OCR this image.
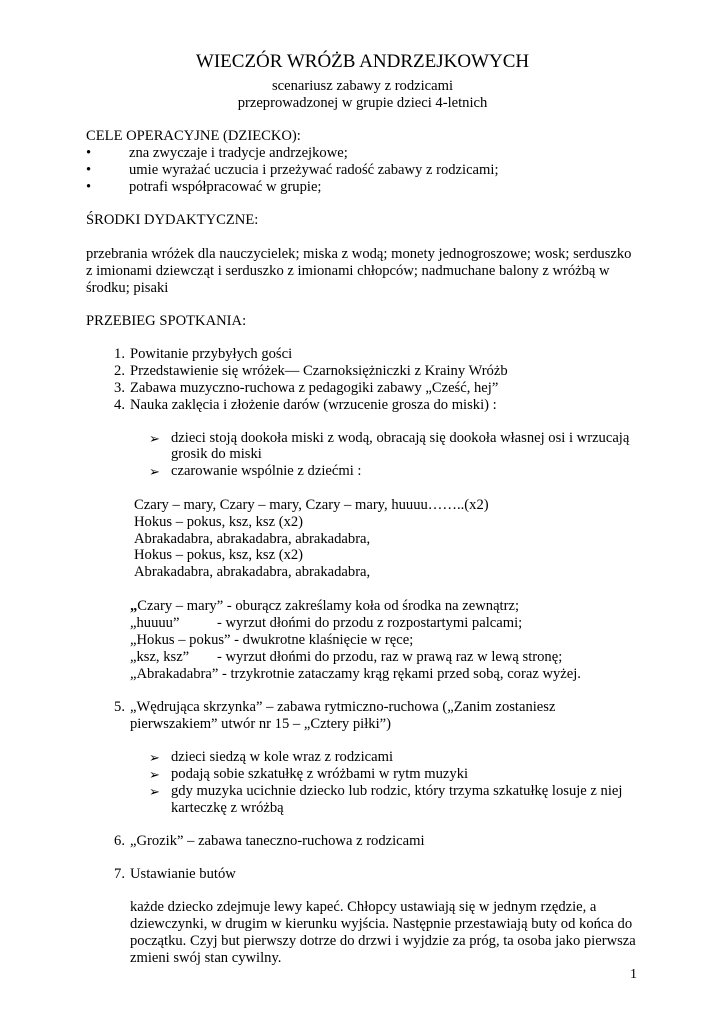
WIECZÓR WRÓŻB ANDRZEJKOWYCH
scenariusz zabawy z rodzicami
przeprowadzonej w grupie dzieci 4-letnich
CELE OPERACYJNE (DZIECKO):
•	zna zwyczaje i tradycje andrzejkowe;
•	umie wyrażać uczucia i przeżywać radość zabawy z rodzicami;
•	potrafi współpracować w grupie;
ŚRODKI DYDAKTYCZNE:
przebrania wróżek dla nauczycielek; miska z wodą; monety jednogroszowe; wosk; serduszko
z imionami dziewcząt i serduszko z imionami chłopców; nadmuchane balony z wróżbą w
środku; pisaki
PRZEBIEG SPOTKANIA:
1. Powitanie przybyłych gości
2. Przedstawienie się wróżek— Czarnoksiężniczki z Krainy Wróżb
3. Zabawa muzyczno-ruchowa z pedagogiki zabawy „Cześć, hej”
4. Nauka zaklęcia i złożenie darów (wrzucenie grosza do miski) :
➢ dzieci stoją dookoła miski z wodą, obracają się dookoła własnej osi i wrzucają
grosik do miski
➢ czarowanie wspólnie z dziećmi :
Czary – mary, Czary – mary, Czary – mary, huuuu……..(x2)
Hokus – pokus, ksz, ksz (x2)
Abrakadabra, abrakadabra, abrakadabra,
Hokus – pokus, ksz, ksz (x2)
Abrakadabra, abrakadabra, abrakadabra,
„Czary – mary” - oburącz zakreślamy koła od środka na zewnątrz;
„huuuu”	- wyrzut dłońmi do przodu z rozpostartymi palcami;
„Hokus – pokus” - dwukrotne klaśnięcie w ręce;
„ksz, ksz” - wyrzut dłońmi do przodu, raz w prawą raz w lewą stronę;
„Abrakadabra” - trzykrotnie zataczamy krąg rękami przed sobą, coraz wyżej.
5. „Wędrująca skrzynka” – zabawa rytmiczno-ruchowa („Zanim zostaniesz
pierwszakiem” utwór nr 15 – „Cztery piłki”)
➢ dzieci siedzą w kole wraz z rodzicami
➢ podają sobie szkatułkę z wróżbami w rytm muzyki
➢ gdy muzyka ucichnie dziecko lub rodzic, który trzyma szkatułkę losuje z niej
karteczkę z wróżbą
6. „Grozik” – zabawa taneczno-ruchowa z rodzicami
7. Ustawianie butów
każde dziecko zdejmuje lewy kapeć. Chłopcy ustawiają się w jednym rzędzie, a
dziewczynki, w drugim w kierunku wyjścia. Następnie przestawiają buty od końca do
początku. Czyj but pierwszy dotrze do drzwi i wyjdzie za próg, ta osoba jako pierwsza
zmieni swój stan cywilny.
1
